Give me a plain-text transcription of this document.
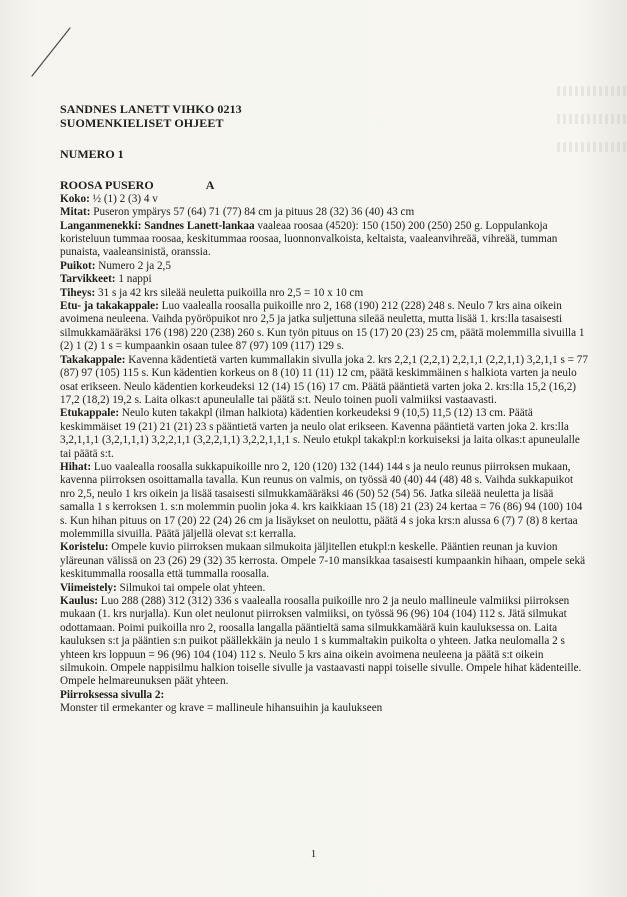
SANDNES LANETT VIHKO 0213
SUOMENKIELISET OHJEET
NUMERO 1
ROOSA PUSERO	A

Koko: ½ (1) 2 (3) 4 v

Mitat: Puseron ympärys 57 (64) 71 (77) 84 cm ja pituus 28 (32) 36 (40) 43 cm

Langanmenekki: Sandnes Lanett-lankaa vaaleaa roosaa (4520): 150 (150) 200 (250) 250 g. Loppulankoja koristeluun tummaa roosaa, keskitummaa roosaa, luonnonvalkoista, keltaista, vaaleanvihreää, vihreää, tumman punaista, vaaleansinistä, oranssia.

Puikot: Numero 2 ja 2,5

Tarvikkeet: 1 nappi

Tiheys: 31 s ja 42 krs sileää neuletta puikoilla nro 2,5 = 10 x 10 cm

Etu- ja takakappale: Luo vaalealla roosalla puikoille nro 2, 168 (190) 212 (228) 248 s. Neulo 7 krs aina oikein avoimena neuleena. Vaihda pyöröpuikot nro 2,5 ja jatka suljettuna sileää neuletta, mutta lisää 1. krs:lla tasaisesti silmukkamääräksi 176 (198) 220 (238) 260 s. Kun työn pituus on 15 (17) 20 (23) 25 cm, päätä molemmilla sivuilla 1 (2) 1 (2) 1 s = kumpaankin osaan tulee 87 (97) 109 (117) 129 s.

Takakappale: Kavenna kädentietä varten kummallakin sivulla joka 2. krs 2,2,1 (2,2,1) 2,2,1,1 (2,2,1,1) 3,2,1,1 s = 77 (87) 97 (105) 115 s. Kun kädentien korkeus on 8 (10) 11 (11) 12 cm, päätä keskimmäinen s halkiota varten ja neulo osat erikseen. Neulo kädentien korkeudeksi 12 (14) 15 (16) 17 cm. Päätä pääntietä varten joka 2. krs:lla 15,2 (16,2) 17,2 (18,2) 19,2 s. Laita olkas:t apuneulalle tai päätä s:t. Neulo toinen puoli valmiiksi vastaavasti.

Etukappale: Neulo kuten takakpl (ilman halkiota) kädentien korkeudeksi 9 (10,5) 11,5 (12) 13 cm. Päätä keskimmäiset 19 (21) 21 (21) 23 s pääntietä varten ja neulo olat erikseen. Kavenna pääntietä varten joka 2. krs:lla 3,2,1,1,1 (3,2,1,1,1) 3,2,2,1,1 (3,2,2,1,1) 3,2,2,1,1,1 s. Neulo etukpl takakpl:n korkuiseksi ja laita olkas:t apuneulalle tai päätä s:t.

Hihat: Luo vaalealla roosalla sukkapuikoille nro 2, 120 (120) 132 (144) 144 s ja neulo reunus piirroksen mukaan, kavenna piirroksen osoittamalla tavalla. Kun reunus on valmis, on työssä 40 (40) 44 (48) 48 s. Vaihda sukkapuikot nro 2,5, neulo 1 krs oikein ja lisää tasaisesti silmukkamääräksi 46 (50) 52 (54) 56. Jatka sileää neuletta ja lisää samalla 1 s kerroksen 1. s:n molemmin puolin joka 4. krs kaikkiaan 15 (18) 21 (23) 24 kertaa = 76 (86) 94 (100) 104 s. Kun hihan pituus on 17 (20) 22 (24) 26 cm ja lisäykset on neulottu, päätä 4 s joka krs:n alussa 6 (7) 7 (8) 8 kertaa molemmilla sivuilla. Päätä jäljellä olevat s:t kerralla.

Koristelu: Ompele kuvio piirroksen mukaan silmukoita jäljitellen etukpl:n keskelle. Pääntien reunan ja kuvion yläreunan välissä on 23 (26) 29 (32) 35 kerrosta. Ompele 7-10 mansikkaa tasaisesti kumpaankin hihaan, ompele sekä keskitummalla roosalla että tummalla roosalla.

Viimeistely: Silmukoi tai ompele olat yhteen.

Kaulus: Luo 288 (288) 312 (312) 336 s vaalealla roosalla puikoille nro 2 ja neulo mallineule valmiiksi piirroksen mukaan (1. krs nurjalla). Kun olet neulonut piirroksen valmiiksi, on työssä 96 (96) 104 (104) 112 s. Jätä silmukat odottamaan. Poimi puikoilla nro 2, roosalla langalla pääntieltä sama silmukkamäärä kuin kauluksessa on. Laita kauluksen s:t ja pääntien s:n puikot päällekkäin ja neulo 1 s kummaltakin puikolta o yhteen. Jatka neulomalla 2 s yhteen krs loppuun = 96 (96) 104 (104) 112 s. Neulo 5 krs aina oikein avoimena neuleena ja päätä s:t oikein silmukoin. Ompele nappisilmu halkion toiselle sivulle ja vastaavasti nappi toiselle sivulle. Ompele hihat kädenteille. Ompele helmareunuksen päät yhteen.

Piirroksessa sivulla 2:

Monster til ermekanter og krave = mallineule hihansuihin ja kaulukseen

1
